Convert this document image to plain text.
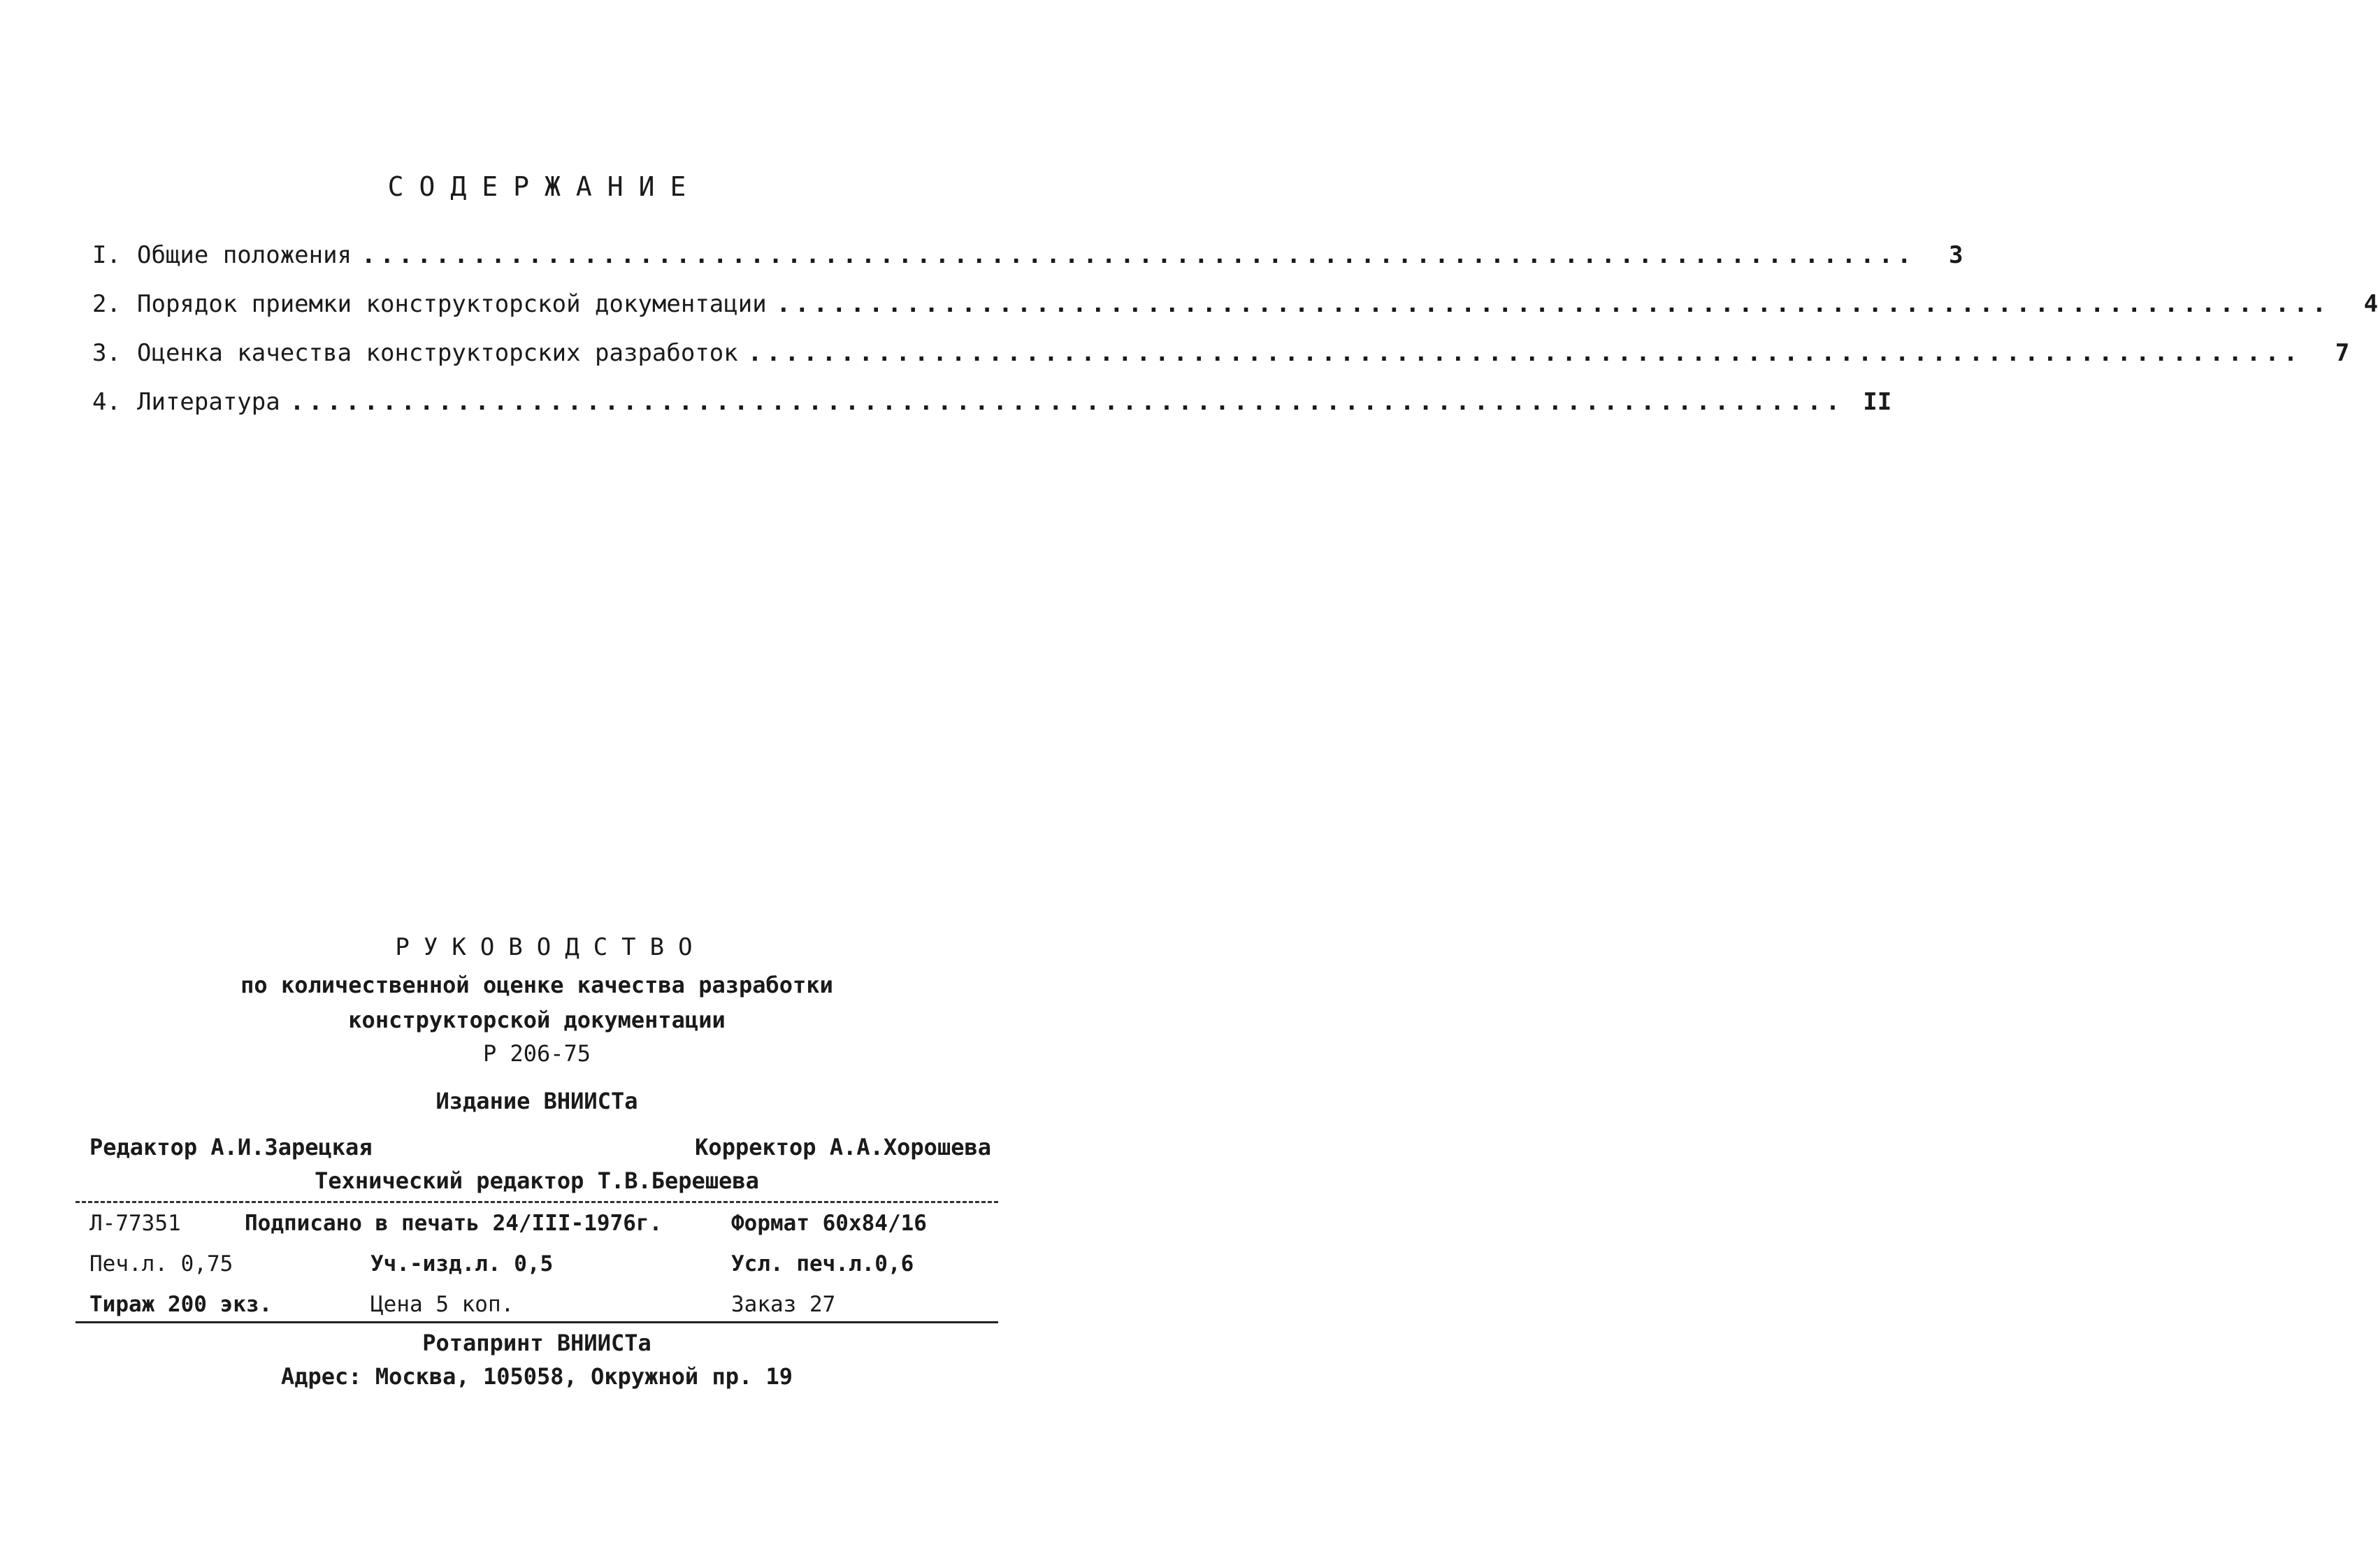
СОДЕРЖАНИЕ
I. Общие положения ....................................................................................	3
2. Порядок приемки конструкторской документации ....................................................................................	4
3. Оценка качества конструкторских разработок ....................................................................................	7
4. Литература .................................................................................... II
РУКОВОДСТВО
по количественной оценке качества разработки
конструкторской документации
Р 206-75
Издание ВНИИСТа
Редактор А.И.Зарецкая	Корректор А.А.Хорошева
Технический редактор Т.В.Берешева
Л-77351	Подписано в печать 24/III-1976г.	Формат 60x84/16
Печ.л. 0,75	Уч.-изд.л. 0,5	Усл. печ.л.0,6
Тираж 200 экз.	Цена 5 коп.	Заказ 27
Ротапринт ВНИИСТа
Адрес: Москва, 105058, Окружной пр. 19
